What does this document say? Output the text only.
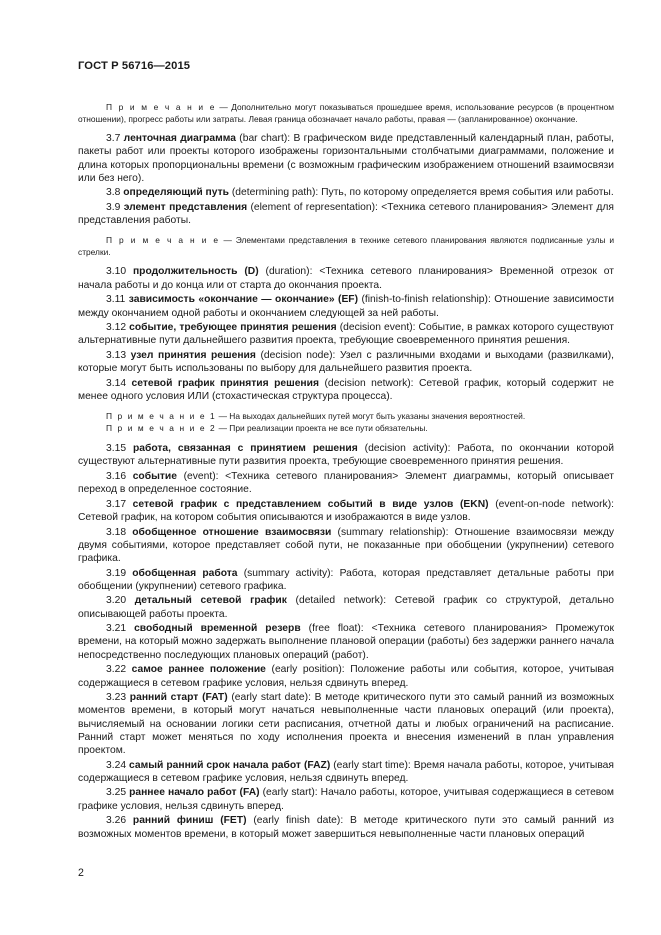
ГОСТ Р 56716—2015

П р и м е ч а н и е — Дополнительно могут показываться прошедшее время, использование ресурсов (в процентном отношении), прогресс работы или затраты. Левая граница обозначает начало работы, правая — (запланированное) окончание.

3.7 ленточная диаграмма (bar chart): В графическом виде представленный календарный план, работы, пакеты работ или проекты которого изображены горизонтальными столбчатыми диаграммами, положение и длина которых пропорциональны времени (с возможным графическим изображением отношений взаимосвязи или без него).

3.8 определяющий путь (determining path): Путь, по которому определяется время события или работы.

3.9 элемент представления (element of representation): <Техника сетевого планирования> Элемент для представления работы.

П р и м е ч а н и е — Элементами представления в технике сетевого планирования являются подписанные узлы и стрелки.

3.10 продолжительность (D) (duration): <Техника сетевого планирования> Временной отрезок от начала работы и до конца или от старта до окончания проекта.

3.11 зависимость «окончание — окончание» (EF) (finish-to-finish relationship): Отношение зависимости между окончанием одной работы и окончанием следующей за ней работы.

3.12 событие, требующее принятия решения (decision event): Событие, в рамках которого существуют альтернативные пути дальнейшего развития проекта, требующие своевременного принятия решения.

3.13 узел принятия решения (decision node): Узел с различными входами и выходами (развилками), которые могут быть использованы по выбору для дальнейшего развития проекта.

3.14 сетевой график принятия решения (decision network): Сетевой график, который содержит не менее одного условия ИЛИ (стохастическая структура процесса).

П р и м е ч а н и е 1 — На выходах дальнейших путей могут быть указаны значения вероятностей.

П р и м е ч а н и е 2 — При реализации проекта не все пути обязательны.

3.15 работа, связанная с принятием решения (decision activity): Работа, по окончании которой существуют альтернативные пути развития проекта, требующие своевременного принятия решения.

3.16 событие (event): <Техника сетевого планирования> Элемент диаграммы, который описывает переход в определенное состояние.

3.17 сетевой график с представлением событий в виде узлов (EKN) (event-on-node network): Сетевой график, на котором события описываются и изображаются в виде узлов.

3.18 обобщенное отношение взаимосвязи (summary relationship): Отношение взаимосвязи между двумя событиями, которое представляет собой пути, не показанные при обобщении (укрупнении) сетевого графика.

3.19 обобщенная работа (summary activity): Работа, которая представляет детальные работы при обобщении (укрупнении) сетевого графика.

3.20 детальный сетевой график (detailed network): Сетевой график со структурой, детально описывающей работы проекта.

3.21 свободный временной резерв (free float): <Техника сетевого планирования> Промежуток времени, на который можно задержать выполнение плановой операции (работы) без задержки раннего начала непосредственно последующих плановых операций (работ).

3.22 самое раннее положение (early position): Положение работы или события, которое, учитывая содержащиеся в сетевом графике условия, нельзя сдвинуть вперед.

3.23 ранний старт (FAT) (early start date): В методе критического пути это самый ранний из возможных моментов времени, в который могут начаться невыполненные части плановых операций (или проекта), вычисляемый на основании логики сети расписания, отчетной даты и любых ограничений на расписание. Ранний старт может меняться по ходу исполнения проекта и внесения изменений в план управления проектом.

3.24 самый ранний срок начала работ (FAZ) (early start time): Время начала работы, которое, учитывая содержащиеся в сетевом графике условия, нельзя сдвинуть вперед.

3.25 раннее начало работ (FA) (early start): Начало работы, которое, учитывая содержащиеся в сетевом графике условия, нельзя сдвинуть вперед.

3.26 ранний финиш (FET) (early finish date): В методе критического пути это самый ранний из возможных моментов времени, в который может завершиться невыполненные части плановых операций

2
